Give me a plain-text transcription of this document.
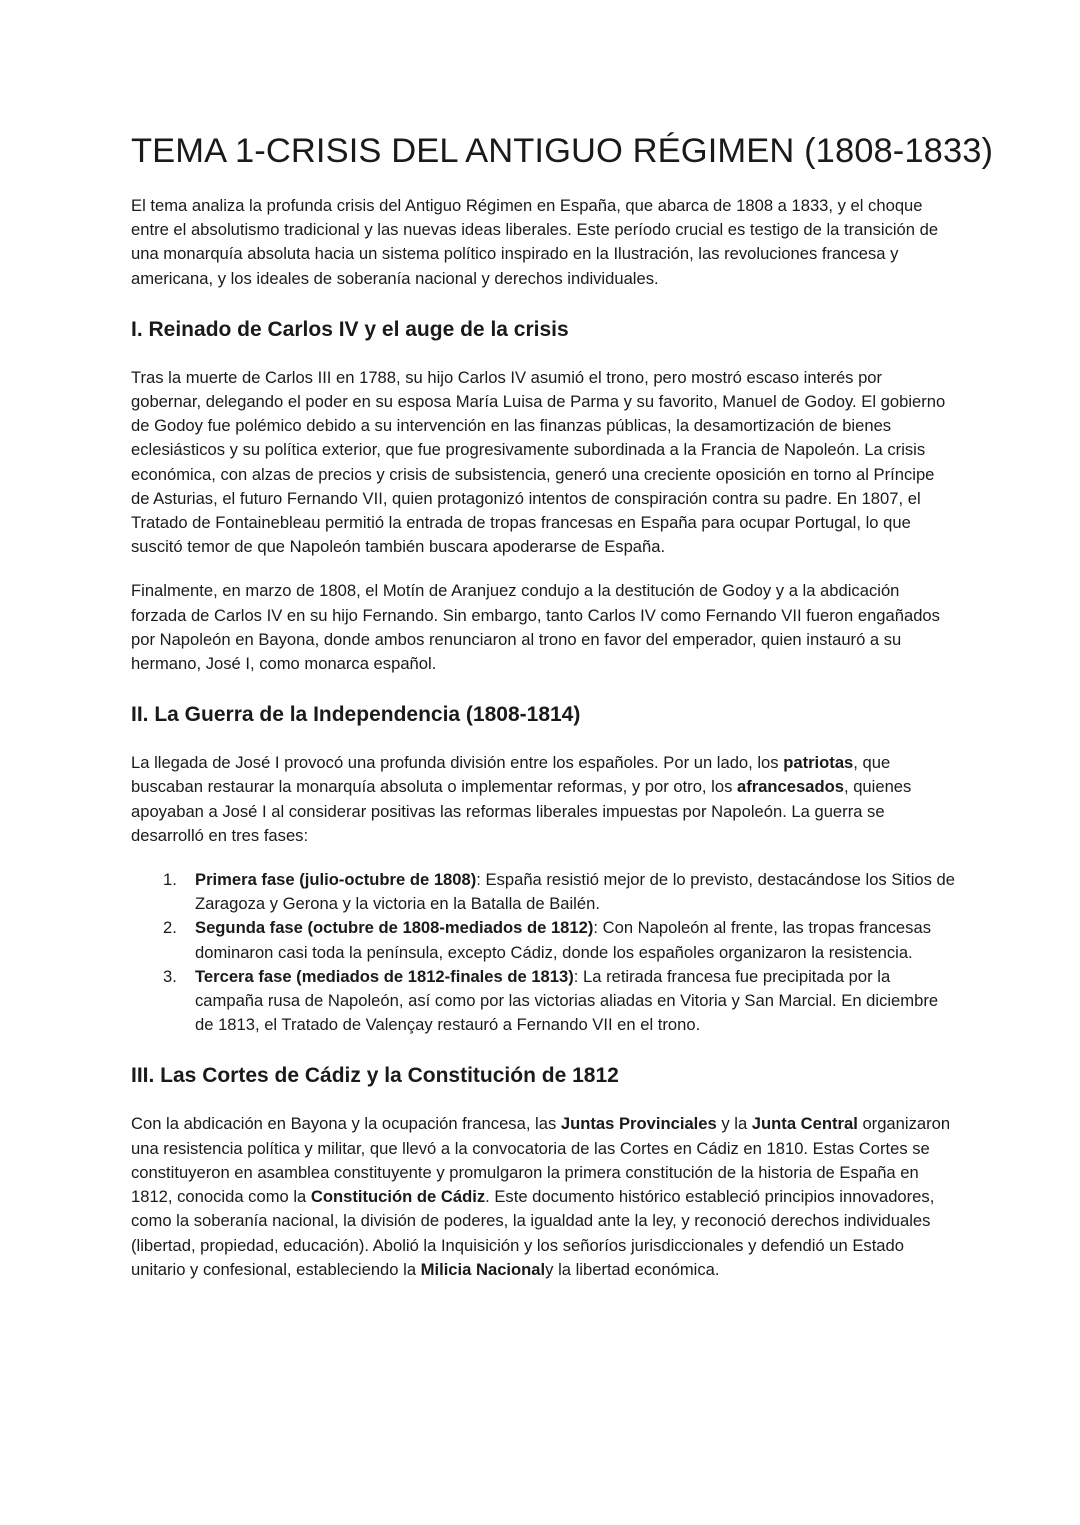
TEMA 1-CRISIS DEL ANTIGUO RÉGIMEN (1808-1833)

El tema analiza la profunda crisis del Antiguo Régimen en España, que abarca de 1808 a 1833, y el choque entre el absolutismo tradicional y las nuevas ideas liberales. Este período crucial es testigo de la transición de una monarquía absoluta hacia un sistema político inspirado en la Ilustración, las revoluciones francesa y americana, y los ideales de soberanía nacional y derechos individuales.

I. Reinado de Carlos IV y el auge de la crisis

Tras la muerte de Carlos III en 1788, su hijo Carlos IV asumió el trono, pero mostró escaso interés por gobernar, delegando el poder en su esposa María Luisa de Parma y su favorito, Manuel de Godoy. El gobierno de Godoy fue polémico debido a su intervención en las finanzas públicas, la desamortización de bienes eclesiásticos y su política exterior, que fue progresivamente subordinada a la Francia de Napoleón. La crisis económica, con alzas de precios y crisis de subsistencia, generó una creciente oposición en torno al Príncipe de Asturias, el futuro Fernando VII, quien protagonizó intentos de conspiración contra su padre. En 1807, el Tratado de Fontainebleau permitió la entrada de tropas francesas en España para ocupar Portugal, lo que suscitó temor de que Napoleón también buscara apoderarse de España.

Finalmente, en marzo de 1808, el Motín de Aranjuez condujo a la destitución de Godoy y a la abdicación forzada de Carlos IV en su hijo Fernando. Sin embargo, tanto Carlos IV como Fernando VII fueron engañados por Napoleón en Bayona, donde ambos renunciaron al trono en favor del emperador, quien instauró a su hermano, José I, como monarca español.

II. La Guerra de la Independencia (1808-1814)

La llegada de José I provocó una profunda división entre los españoles. Por un lado, los patriotas, que buscaban restaurar la monarquía absoluta o implementar reformas, y por otro, los afrancesados, quienes apoyaban a José I al considerar positivas las reformas liberales impuestas por Napoleón. La guerra se desarrolló en tres fases:

1. Primera fase (julio-octubre de 1808): España resistió mejor de lo previsto, destacándose los Sitios de Zaragoza y Gerona y la victoria en la Batalla de Bailén.
2. Segunda fase (octubre de 1808-mediados de 1812): Con Napoleón al frente, las tropas francesas dominaron casi toda la península, excepto Cádiz, donde los españoles organizaron la resistencia.
3. Tercera fase (mediados de 1812-finales de 1813): La retirada francesa fue precipitada por la campaña rusa de Napoleón, así como por las victorias aliadas en Vitoria y San Marcial. En diciembre de 1813, el Tratado de Valençay restauró a Fernando VII en el trono.
III. Las Cortes de Cádiz y la Constitución de 1812

Con la abdicación en Bayona y la ocupación francesa, las Juntas Provinciales y la Junta Central organizaron una resistencia política y militar, que llevó a la convocatoria de las Cortes en Cádiz en 1810. Estas Cortes se constituyeron en asamblea constituyente y promulgaron la primera constitución de la historia de España en 1812, conocida como la Constitución de Cádiz. Este documento histórico estableció principios innovadores, como la soberanía nacional, la división de poderes, la igualdad ante la ley, y reconoció derechos individuales (libertad, propiedad, educación). Abolió la Inquisición y los señoríos jurisdiccionales y defendió un Estado unitario y confesional, estableciendo la Milicia Nacionaly la libertad económica.
